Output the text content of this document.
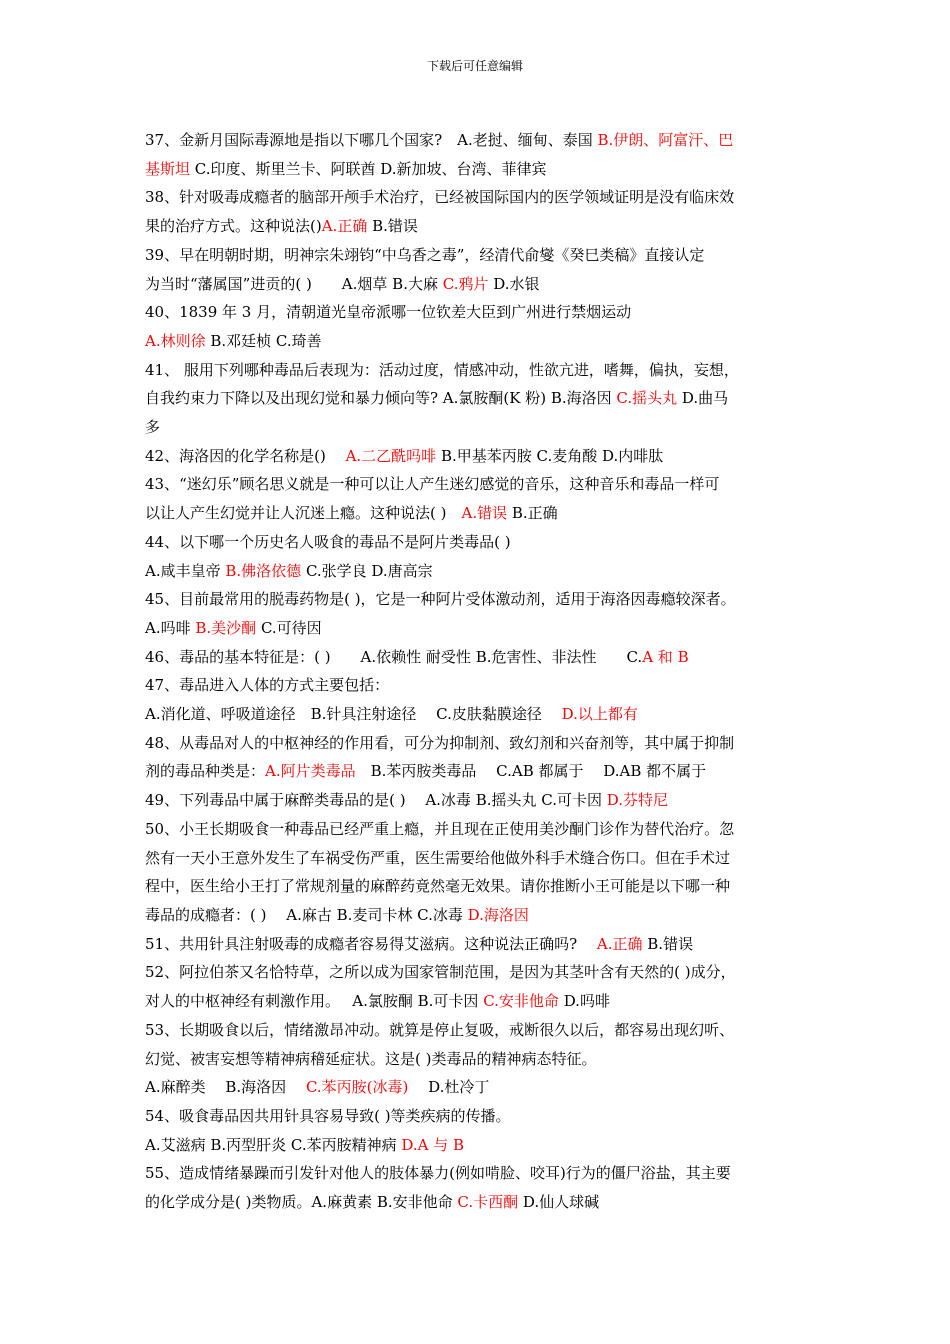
下载后可任意编辑
37、金新月国际毒源地是指以下哪几个国家?　A.老挝、缅甸、泰国 B.伊朗、阿富汗、巴
基斯坦 C.印度、斯里兰卡、阿联酋 D.新加坡、台湾、菲律宾
38、针对吸毒成瘾者的脑部开颅手术治疗，已经被国际国内的医学领域证明是没有临床效
果的治疗方式。这种说法()A.正确 B.错误
39、早在明朝时期，明神宗朱翊钧“中乌香之毒”，经清代俞燮《癸巳类稿》直接认定
为当时“藩属国”进贡的( )　　A.烟草 B.大麻 C.鸦片 D.水银
40、1839 年 3 月，清朝道光皇帝派哪一位钦差大臣到广州进行禁烟运动
A.林则徐 B.邓廷桢 C.琦善
41、 服用下列哪种毒品后表现为：活动过度，情感冲动，性欲亢进，嗜舞，偏执，妄想，
自我约束力下降以及出现幻觉和暴力倾向等? A.氯胺酮(K 粉) B.海洛因 C.摇头丸 D.曲马
多
42、海洛因的化学名称是()　 A.二乙酰吗啡 B.甲基苯丙胺 C.麦角酸 D.内啡肽
43、“迷幻乐”顾名思义就是一种可以让人产生迷幻感觉的音乐，这种音乐和毒品一样可
以让人产生幻觉并让人沉迷上瘾。这种说法( )　A.错误 B.正确
44、以下哪一个历史名人吸食的毒品不是阿片类毒品( )
A.咸丰皇帝 B.佛洛依德 C.张学良 D.唐高宗
45、目前最常用的脱毒药物是( )，它是一种阿片受体激动剂，适用于海洛因毒瘾较深者。
A.吗啡 B.美沙酮 C.可待因
46、毒品的基本特征是：( )　　A.依赖性 耐受性 B.危害性、非法性　　C.A 和 B
47、毒品进入人体的方式主要包括：
A.消化道、呼吸道途径　B.针具注射途径　 C.皮肤黏膜途径　 D.以上都有
48、从毒品对人的中枢神经的作用看，可分为抑制剂、致幻剂和兴奋剂等，其中属于抑制
剂的毒品种类是：A.阿片类毒品　B.苯丙胺类毒品　 C.AB 都属于　 D.AB 都不属于
49、下列毒品中属于麻醉类毒品的是( )　 A.冰毒 B.摇头丸 C.可卡因 D.芬特尼
50、小王长期吸食一种毒品已经严重上瘾，并且现在正使用美沙酮门诊作为替代治疗。忽
然有一天小王意外发生了车祸受伤严重，医生需要给他做外科手术缝合伤口。但在手术过
程中，医生给小王打了常规剂量的麻醉药竟然毫无效果。请你推断小王可能是以下哪一种
毒品的成瘾者：( )　 A.麻古 B.麦司卡林 C.冰毒 D.海洛因
51、共用针具注射吸毒的成瘾者容易得艾滋病。这种说法正确吗?　 A.正确 B.错误
52、阿拉伯茶又名恰特草，之所以成为国家管制范围，是因为其茎叶含有天然的( )成分，
对人的中枢神经有刺激作用。　 A.氯胺酮 B.可卡因 C.安非他命 D.吗啡
53、长期吸食以后，情绪激昂冲动。就算是停止复吸，戒断很久以后，都容易出现幻听、
幻觉、被害妄想等精神病稽延症状。这是( )类毒品的精神病态特征。
A.麻醉类　 B.海洛因　 C.苯丙胺(冰毒)　 D.杜冷丁
54、吸食毒品因共用针具容易导致( )等类疾病的传播。
A.艾滋病 B.丙型肝炎 C.苯丙胺精神病 D.A 与 B
55、造成情绪暴躁而引发针对他人的肢体暴力(例如啃脸、咬耳)行为的僵尸浴盐，其主要
的化学成分是( )类物质。A.麻黄素 B.安非他命 C.卡西酮 D.仙人球碱
